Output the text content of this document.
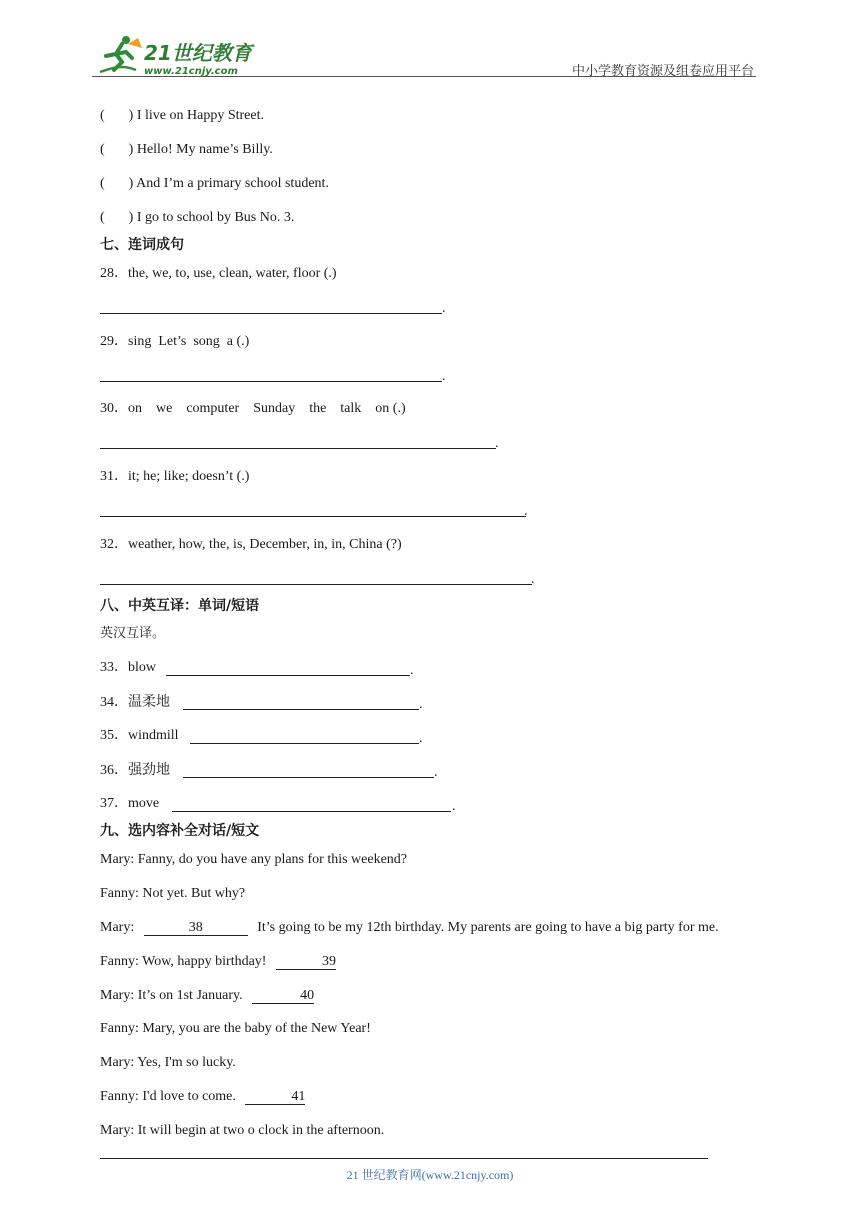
21世纪教育
www.21cnjy.com	中小学教育资源及组卷应用平台
( ) I live on Happy Street.
( ) Hello! My name’s Billy.
( ) And I’m a primary school student.
( ) I go to school by Bus No. 3.
七、连词成句
28．the, we, to, use, clean, water, floor (.)
.
29．sing  Let’s  song  a (.)
.
30．on    we    computer    Sunday    the    talk    on (.)
.
31．it; he; like; doesn’t (.)
.
32．weather, how, the, is, December, in, in, China (?)
.
八、中英互译：单词/短语
英汉互译。
33．blow	.
34．温柔地	.
35．windmill	.
36．强劲地	.
37．move	.
九、选内容补全对话/短文
Mary: Fanny, do you have any plans for this weekend?
Fanny: Not yet. But why?
Mary:	38	It’s going to be my 12th birthday. My parents are going to have a big party for me.
Fanny: Wow, happy birthday!	39
Mary: It’s on 1st January.	40
Fanny: Mary, you are the baby of the New Year!
Mary: Yes, I'm so lucky.
Fanny: I'd love to come.	41
Mary: It will begin at two o clock in the afternoon.
21 世纪教育网(www.21cnjy.com)
